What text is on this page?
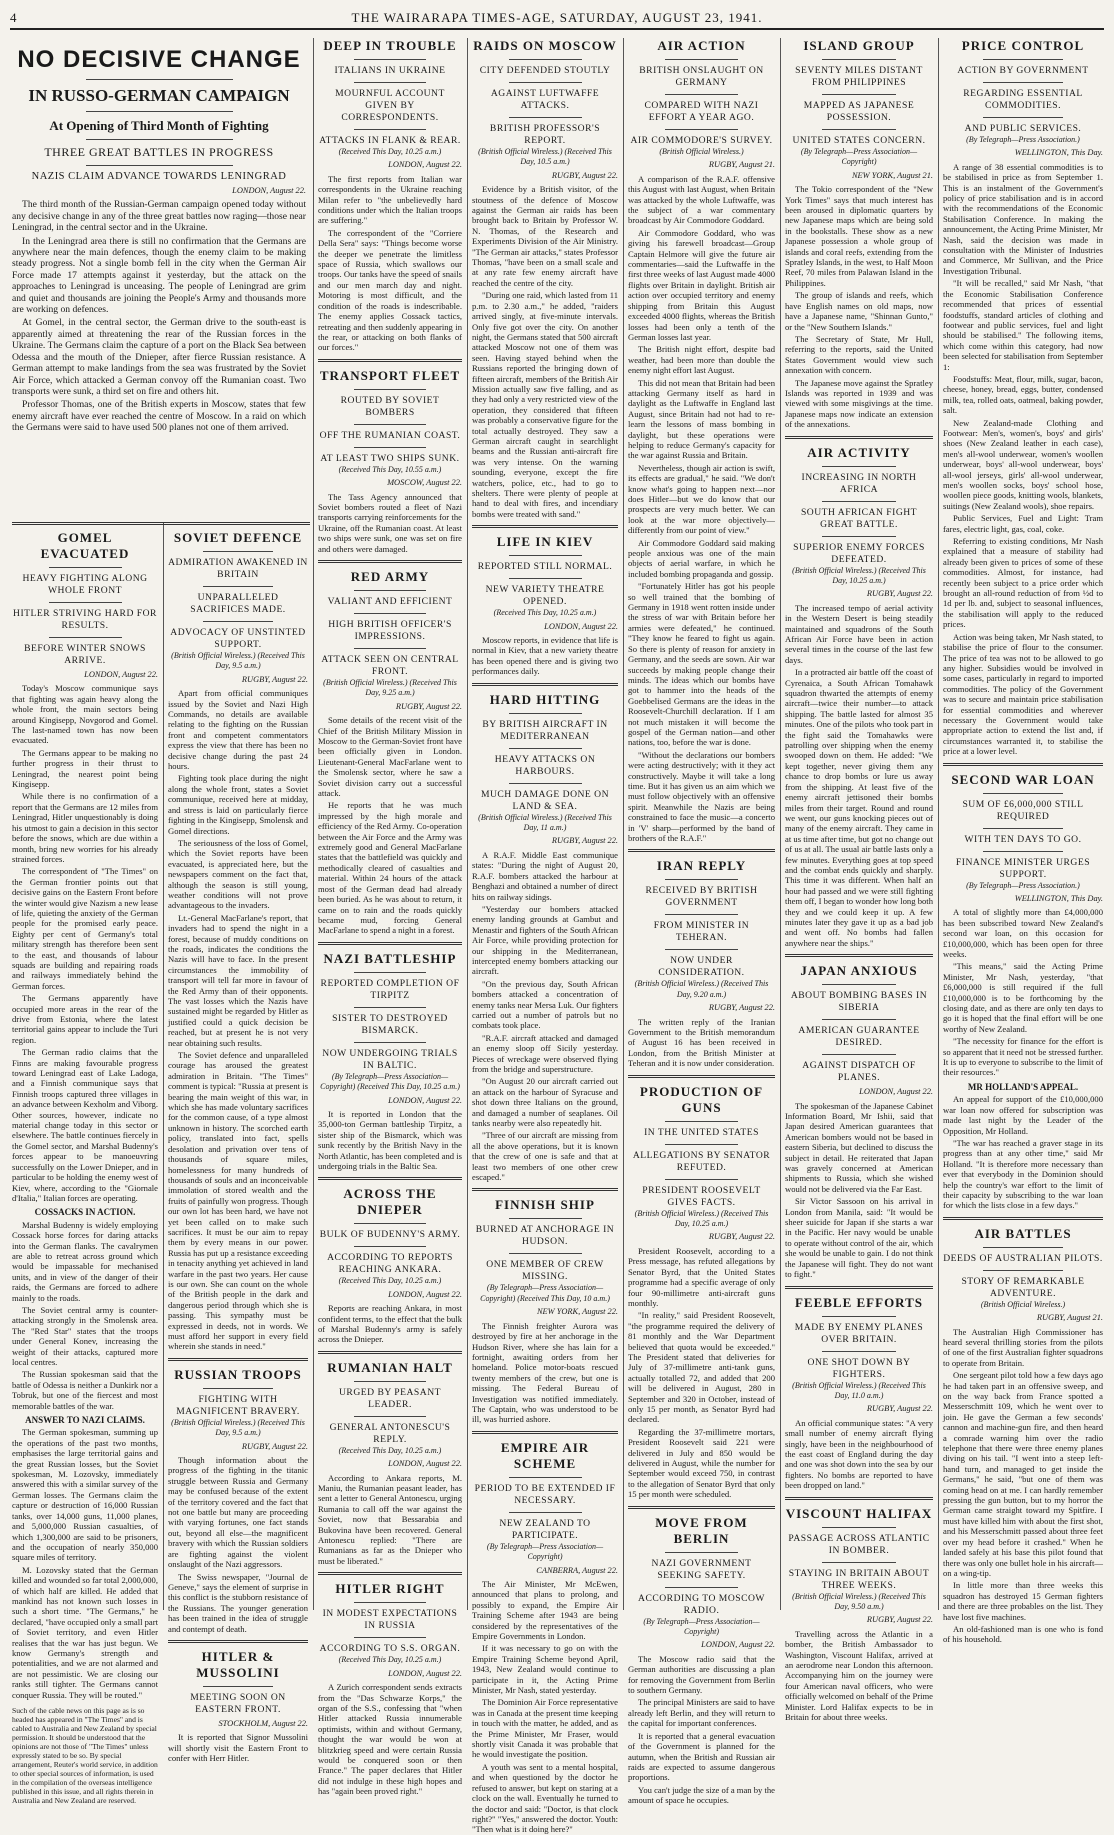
4	THE WAIRARAPA TIMES-AGE, SATURDAY, AUGUST 23, 1941.
NO DECISIVE CHANGE
IN RUSSO-GERMAN CAMPAIGN
At Opening of Third Month of Fighting
THREE GREAT BATTLES IN PROGRESS
NAZIS CLAIM ADVANCE TOWARDS LENINGRAD
LONDON, August 22.

The third month of the Russian-German campaign opened today without any decisive change in any of the three great battles now raging—those near Leningrad, in the central sector and in the Ukraine.

In the Leningrad area there is still no confirmation that the Germans are anywhere near the main defences, though the enemy claim to be making steady progress. Not a single bomb fell in the city when the German Air Force made 17 attempts against it yesterday, but the attack on the approaches to Leningrad is unceasing. The people of Leningrad are grim and quiet and thousands are joining the People's Army and thousands more are working on defences.

At Gomel, in the central sector, the German drive to the south-east is apparently aimed at threatening the rear of the Russian forces in the Ukraine. The Germans claim the capture of a port on the Black Sea between Odessa and the mouth of the Dnieper, after fierce Russian resistance. A German attempt to make landings from the sea was frustrated by the Soviet Air Force, which attacked a German convoy off the Rumanian coast. Two transports were sunk, a third set on fire and others hit.

Professor Thomas, one of the British experts in Moscow, states that few enemy aircraft have ever reached the centre of Moscow. In a raid on which the Germans were said to have used 500 planes not one of them arrived.

GOMEL EVACUATED
HEAVY FIGHTING ALONG WHOLE FRONT
HITLER STRIVING HARD FOR RESULTS.
BEFORE WINTER SNOWS ARRIVE.
LONDON, August 22.

Today's Moscow communique says that fighting was again heavy along the whole front, the main sectors being around Kingisepp, Novgorod and Gomel. The last-named town has now been evacuated.

The Germans appear to be making no further progress in their thrust to Leningrad, the nearest point being Kingisepp.

While there is no confirmation of a report that the Germans are 12 miles from Leningrad, Hitler unquestionably is doing his utmost to gain a decision in this sector before the snows, which are due within a month, bring new worries for his already strained forces.

The correspondent of "The Times" on the German frontier points out that decisive gains on the Eastern Front before the winter would give Nazism a new lease of life, quieting the anxiety of the German people for the promised early peace. Eighty per cent of Germany's total military strength has therefore been sent to the east, and thousands of labour squads are building and repairing roads and railways immediately behind the German forces.

The Germans apparently have occupied more areas in the rear of the drive from Estonia, where the latest territorial gains appear to include the Turi region.

The German radio claims that the Finns are making favourable progress toward Leningrad east of Lake Ladoga, and a Finnish communique says that Finnish troops captured three villages in an advance between Kexholm and Viborg. Other sources, however, indicate no material change today in this sector or elsewhere. The battle continues fiercely in the Gomel sector, and Marshal Budenny's forces appear to be manoeuvring successfully on the Lower Dnieper, and in particular to be holding the enemy west of Kiev, where, according to the "Giornale d'Italia," Italian forces are operating.

COSSACKS IN ACTION.

Marshal Budenny is widely employing Cossack horse forces for daring attacks into the German flanks. The cavalrymen are able to retreat across ground which would be impassable for mechanised units, and in view of the danger of their raids, the Germans are forced to adhere mainly to the roads.

The Soviet central army is counter-attacking strongly in the Smolensk area. The "Red Star" states that the troops under General Konev, increasing the weight of their attacks, captured more local centres.

The Russian spokesman said that the battle of Odessa is neither a Dunkirk nor a Tobruk, but one of the fiercest and most memorable battles of the war.

ANSWER TO NAZI CLAIMS.

The German spokesman, summing up the operations of the past two months, emphasises the large territorial gains and the great Russian losses, but the Soviet spokesman, M. Lozovsky, immediately answered this with a similar survey of the German losses. The Germans claim the capture or destruction of 16,000 Russian tanks, over 14,000 guns, 11,000 planes, and 5,000,000 Russian casualties, of which 1,300,000 are said to be prisoners, and the occupation of nearly 350,000 square miles of territory.

M. Lozovsky stated that the German killed and wounded so far total 2,000,000, of which half are killed. He added that mankind has not known such losses in such a short time. "The Germans," he declared, "have occupied only a small part of Soviet territory, and even Hitler realises that the war has just begun. We know Germany's strength and potentialities, and we are not alarmed and are not pessimistic. We are closing our ranks still tighter. The Germans cannot conquer Russia. They will be routed."

Such of the cable news on this page as is so headed has appeared in "The Times" and is cabled to Australia and New Zealand by special permission. It should be understood that the opinions are not those of "The Times" unless expressly stated to be so. By special arrangement, Reuter's world service, in addition to other special sources of information, is used in the compilation of the overseas intelligence published in this issue, and all rights therein in Australia and New Zealand are reserved.
SOVIET DEFENCE
ADMIRATION AWAKENED IN BRITAIN
UNPARALLELED SACRIFICES MADE.
ADVOCACY OF UNSTINTED SUPPORT.
(British Official Wireless.) (Received This Day, 9.5 a.m.)
RUGBY, August 22.

Apart from official communiques issued by the Soviet and Nazi High Commands, no details are available relating to the fighting on the Russian front and competent commentators express the view that there has been no decisive change during the past 24 hours.

Fighting took place during the night along the whole front, states a Soviet communique, received here at midday, and stress is laid on particularly fierce fighting in the Kingisepp, Smolensk and Gomel directions.

The seriousness of the loss of Gomel, which the Soviet reports have been evacuated, is appreciated here, but the newspapers comment on the fact that, although the season is still young, weather conditions will not prove advantageous to the invaders.

Lt.-General MacFarlane's report, that invaders had to spend the night in a forest, because of muddy conditions on the roads, indicates the conditions the Nazis will have to face. In the present circumstances the immobility of transport will tell far more in favour of the Red Army than of their opponents. The vast losses which the Nazis have sustained might be regarded by Hitler as justified could a quick decision be reached, but at present he is not very near obtaining such results.

The Soviet defence and unparalleled courage has aroused the greatest admiration in Britain. "The Times" comment is typical: "Russia at present is bearing the main weight of this war, in which she has made voluntary sacrifices for the common cause, of a type almost unknown in history. The scorched earth policy, translated into fact, spells desolation and privation over tens of thousands of square miles, homelessness for many hundreds of thousands of souls and an inconceivable immolation of stored wealth and the fruits of painfully won progress. Though our own lot has been hard, we have not yet been called on to make such sacrifices. It must be our aim to repay them by every means in our power. Russia has put up a resistance exceeding in tenacity anything yet achieved in land warfare in the past two years. Her cause is our own. She can count on the whole of the British people in the dark and dangerous period through which she is passing. This sympathy must be expressed in deeds, not in words. We must afford her support in every field wherein she stands in need."

RUSSIAN TROOPS
FIGHTING WITH MAGNIFICENT BRAVERY.
(British Official Wireless.) (Received This Day, 9.5 a.m.)
RUGBY, August 22.

Though information about the progress of the fighting in the titanic struggle between Russia and Germany may be confused because of the extent of the territory covered and the fact that not one battle but many are proceeding with varying fortunes, one fact stands out, beyond all else—the magnificent bravery with which the Russian soldiers are fighting against the violent onslaught of the Nazi aggressors.

The Swiss newspaper, "Journal de Geneve," says the element of surprise in this conflict is the stubborn resistance of the Russians. The younger generation has been trained in the idea of struggle and contempt of death.

HITLER & MUSSOLINI
MEETING SOON ON EASTERN FRONT.
STOCKHOLM, August 22.

It is reported that Signor Mussolini will shortly visit the Eastern Front to confer with Herr Hitler.

DEEP IN TROUBLE
ITALIANS IN UKRAINE
MOURNFUL ACCOUNT GIVEN BY CORRESPONDENTS.
ATTACKS IN FLANK & REAR.
(Received This Day, 10.25 a.m.)
LONDON, August 22.

The first reports from Italian war correspondents in the Ukraine reaching Milan refer to "the unbelievedly hard conditions under which the Italian troops are suffering."

The correspondent of the "Corriere Della Sera" says: "Things become worse the deeper we penetrate the limitless space of Russia, which swallows our troops. Our tanks have the speed of snails and our men march day and night. Motoring is most difficult, and the condition of the roads is indescribable. The enemy applies Cossack tactics, retreating and then suddenly appearing in the rear, or attacking on both flanks of our forces."

TRANSPORT FLEET
ROUTED BY SOVIET BOMBERS
OFF THE RUMANIAN COAST.
AT LEAST TWO SHIPS SUNK.
(Received This Day, 10.55 a.m.)
MOSCOW, August 22.

The Tass Agency announced that Soviet bombers routed a fleet of Nazi transports carrying reinforcements for the Ukraine, off the Rumanian coast. At least two ships were sunk, one was set on fire and others were damaged.

RED ARMY
VALIANT AND EFFICIENT
HIGH BRITISH OFFICER'S IMPRESSIONS.
ATTACK SEEN ON CENTRAL FRONT.
(British Official Wireless.) (Received This Day, 9.25 a.m.)
RUGBY, August 22.

Some details of the recent visit of the Chief of the British Military Mission in Moscow to the German-Soviet front have been officially given in London. Lieutenant-General MacFarlane went to the Smolensk sector, where he saw a Soviet division carry out a successful attack.

He reports that he was much impressed by the high morale and efficiency of the Red Army. Co-operation between the Air Force and the Army was extremely good and General MacFarlane states that the battlefield was quickly and methodically cleared of casualties and material. Within 24 hours of the attack most of the German dead had already been buried. As he was about to return, it came on to rain and the roads quickly became mud, forcing General MacFarlane to spend a night in a forest.

NAZI BATTLESHIP
REPORTED COMPLETION OF TIRPITZ
SISTER TO DESTROYED BISMARCK.
NOW UNDERGOING TRIALS IN BALTIC.
(By Telegraph—Press Association—Copyright) (Received This Day, 10.25 a.m.)
LONDON, August 22.

It is reported in London that the 35,000-ton German battleship Tirpitz, a sister ship of the Bismarck, which was sunk recently by the British Navy in the North Atlantic, has been completed and is undergoing trials in the Baltic Sea.

ACROSS THE DNIEPER
BULK OF BUDENNY'S ARMY.
ACCORDING TO REPORTS REACHING ANKARA.
(Received This Day, 10.25 a.m.)
LONDON, August 22.

Reports are reaching Ankara, in most confident terms, to the effect that the bulk of Marshal Budenny's army is safely across the Dnieper.

RUMANIAN HALT
URGED BY PEASANT LEADER.
GENERAL ANTONESCU'S REPLY.
(Received This Day, 10.25 a.m.)
LONDON, August 22.

According to Ankara reports, M. Maniu, the Rumanian peasant leader, has sent a letter to General Antonescu, urging Rumania to call off the war against the Soviet, now that Bessarabia and Bukovina have been recovered. General Antonescu replied: "There are Rumanians as far as the Dnieper who must be liberated."

HITLER RIGHT
IN MODEST EXPECTATIONS IN RUSSIA
ACCORDING TO S.S. ORGAN.
(Received This Day, 10.25 a.m.)
LONDON, August 22.

A Zurich correspondent sends extracts from the "Das Schwarze Korps," the organ of the S.S., confessing that "when Hitler attacked Russia innumerable optimists, within and without Germany, thought the war would be won at blitzkrieg speed and were certain Russia would be conquered soon or then France." The paper declares that Hitler did not indulge in these high hopes and has "again been proved right."

RAIDS ON MOSCOW
CITY DEFENDED STOUTLY
AGAINST LUFTWAFFE ATTACKS.
BRITISH PROFESSOR'S REPORT.
(British Official Wireless.) (Received This Day, 10.5 a.m.)
RUGBY, August 22.

Evidence by a British visitor, of the stoutness of the defence of Moscow against the German air raids has been brought back to Britain by Professor W. N. Thomas, of the Research and Experiments Division of the Air Ministry. "The German air attacks," states Professor Thomas, "have been on a small scale and at any rate few enemy aircraft have reached the centre of the city.

"During one raid, which lasted from 11 p.m. to 2.30 a.m.," he added, "raiders arrived singly, at five-minute intervals. Only five got over the city. On another night, the Germans stated that 500 aircraft attacked Moscow not one of them was seen. Having stayed behind when the Russians reported the bringing down of fifteen aircraft, members of the British Air Mission actually saw five falling, and as they had only a very restricted view of the operation, they considered that fifteen was probably a conservative figure for the total actually destroyed. They saw a German aircraft caught in searchlight beams and the Russian anti-aircraft fire was very intense. On the warning sounding, everyone, except the fire watchers, police, etc., had to go to shelters. There were plenty of people at hand to deal with fires, and incendiary bombs were treated with sand."

LIFE IN KIEV
REPORTED STILL NORMAL.
NEW VARIETY THEATRE OPENED.
(Received This Day, 10.25 a.m.)
LONDON, August 22.

Moscow reports, in evidence that life is normal in Kiev, that a new variety theatre has been opened there and is giving two performances daily.

HARD HITTING
BY BRITISH AIRCRAFT IN MEDITERRANEAN
HEAVY ATTACKS ON HARBOURS.
MUCH DAMAGE DONE ON LAND & SEA.
(British Official Wireless.) (Received This Day, 11 a.m.)
RUGBY, August 22.

A R.A.F. Middle East communique states: "During the night of August 20, R.A.F. bombers attacked the harbour at Benghazi and obtained a number of direct hits on railway sidings.

"Yesterday our bombers attacked enemy landing grounds at Gambut and Menastir and fighters of the South African Air Force, while providing protection for our shipping in the Mediterranean, intercepted enemy bombers attacking our aircraft.

"On the previous day, South African bombers attacked a concentration of enemy tanks near Mersa Luk. Our fighters carried out a number of patrols but no combats took place.

"R.A.F. aircraft attacked and damaged an enemy sloop off Sicily yesterday. Pieces of wreckage were observed flying from the bridge and superstructure.

"On August 20 our aircraft carried out an attack on the harbour of Syracuse and shot down three Italians on the ground, and damaged a number of seaplanes. Oil tanks nearby were also repeatedly hit.

"Three of our aircraft are missing from all the above operations, but it is known that the crew of one is safe and that at least two members of one other crew escaped."

FINNISH SHIP
BURNED AT ANCHORAGE IN HUDSON.
ONE MEMBER OF CREW MISSING.
(By Telegraph—Press Association—Copyright) (Received This Day, 10 a.m.)
NEW YORK, August 22.

The Finnish freighter Aurora was destroyed by fire at her anchorage in the Hudson River, where she has lain for a fortnight, awaiting orders from her homeland. Police motor-boats rescued twenty members of the crew, but one is missing. The Federal Bureau of Investigation was notified immediately. The Captain, who was understood to be ill, was hurried ashore.

EMPIRE AIR SCHEME
PERIOD TO BE EXTENDED IF NECESSARY.
NEW ZEALAND TO PARTICIPATE.
(By Telegraph—Press Association—Copyright)
CANBERRA, August 22.

The Air Minister, Mr McEwen, announced that plans to prolong, and possibly to expand, the Empire Air Training Scheme after 1943 are being considered by the representatives of the Empire Governments in London.

If it was necessary to go on with the Empire Training Scheme beyond April, 1943, New Zealand would continue to participate in it, the Acting Prime Minister, Mr Nash, stated yesterday.

The Dominion Air Force representative was in Canada at the present time keeping in touch with the matter, he added, and as the Prime Minister, Mr Fraser, would shortly visit Canada it was probable that he would investigate the position.

A youth was sent to a mental hospital, and when questioned by the doctor he refused to answer, but kept on staring at a clock on the wall. Eventually he turned to the doctor and said: "Doctor, is that clock right?" "Yes," answered the doctor. Youth: "Then what is it doing here?"

AIR ACTION
BRITISH ONSLAUGHT ON GERMANY
COMPARED WITH NAZI EFFORT A YEAR AGO.
AIR COMMODORE'S SURVEY.
(British Official Wireless.)
RUGBY, August 21.

A comparison of the R.A.F. offensive this August with last August, when Britain was attacked by the whole Luftwaffe, was the subject of a war commentary broadcast by Air Commodore Goddard.

Air Commodore Goddard, who was giving his farewell broadcast—Group Captain Helmore will give the future air commentaries—said the Luftwaffe in the first three weeks of last August made 4000 flights over Britain in daylight. British air action over occupied territory and enemy shipping from Britain this August exceeded 4000 flights, whereas the British losses had been only a tenth of the German losses last year.

The British night effort, despite bad weather, had been more than double the enemy night effort last August.

This did not mean that Britain had been attacking Germany itself as hard in daylight as the Luftwaffe in England last August, since Britain had not had to re-learn the lessons of mass bombing in daylight, but these operations were helping to reduce Germany's capacity for the war against Russia and Britain.

Nevertheless, though air action is swift, its effects are gradual," he said. "We don't know what's going to happen next—nor does Hitler—but we do know that our prospects are very much better. We can look at the war more objectively—differently from our point of view."

Air Commodore Goddard said making people anxious was one of the main objects of aerial warfare, in which he included bombing propaganda and gossip.

"Fortunately Hitler has got his people so well trained that the bombing of Germany in 1918 went rotten inside under the stress of war with Britain before her armies were defeated," he continued. "They know he feared to fight us again. So there is plenty of reason for anxiety in Germany, and the seeds are sown. Air war succeeds by making people change their minds. The ideas which our bombs have got to hammer into the heads of the Goebbelised Germans are the ideas in the Roosevelt-Churchill declaration. If I am not much mistaken it will become the gospel of the German nation—and other nations, too, before the war is done.

"Without the declarations our bombers were acting destructively; with it they act constructively. Maybe it will take a long time. But it has given us an aim which we must follow objectively with an offensive spirit. Meanwhile the Nazis are being constrained to face the music—a concerto in 'V' sharp—performed by the band of brothers of the R.A.F."

IRAN REPLY
RECEIVED BY BRITISH GOVERNMENT
FROM MINISTER IN TEHERAN.
NOW UNDER CONSIDERATION.
(British Official Wireless.) (Received This Day, 9.20 a.m.)
RUGBY, August 22.

The written reply of the Iranian Government to the British memorandum of August 16 has been received in London, from the British Minister at Teheran and it is now under consideration.

PRODUCTION OF GUNS
IN THE UNITED STATES
ALLEGATIONS BY SENATOR REFUTED.
PRESIDENT ROOSEVELT GIVES FACTS.
(British Official Wireless.) (Received This Day, 10.25 a.m.)
RUGBY, August 22.

President Roosevelt, according to a Press message, has refuted allegations by Senator Byrd, that the United States programme had a specific average of only four 90-millimetre anti-aircraft guns monthly.

"In reality," said President Roosevelt, "the programme required the delivery of 81 monthly and the War Department believed that quota would be exceeded." The President stated that deliveries for July of 37-millimetre anti-tank guns, actually totalled 72, and added that 200 will be delivered in August, 280 in September and 320 in October, instead of only 15 per month, as Senator Byrd had declared.

Regarding the 37-millimetre mortars, President Roosevelt said 221 were delivered in July and 850 would be delivered in August, while the number for September would exceed 750, in contrast to the allegation of Senator Byrd that only 15 per month were scheduled.

MOVE FROM BERLIN
NAZI GOVERNMENT SEEKING SAFETY.
ACCORDING TO MOSCOW RADIO.
(By Telegraph—Press Association—Copyright)
LONDON, August 22.

The Moscow radio said that the German authorities are discussing a plan for removing the Government from Berlin to southern Germany.

The principal Ministers are said to have already left Berlin, and they will return to the capital for important conferences.

It is reported that a general evacuation of the Government is planned for the autumn, when the British and Russian air raids are expected to assume dangerous proportions.

You can't judge the size of a man by the amount of space he occupies.

ISLAND GROUP
SEVENTY MILES DISTANT FROM PHILIPPINES
MAPPED AS JAPANESE POSSESSION.
UNITED STATES CONCERN.
(By Telegraph—Press Association—Copyright)
NEW YORK, August 21.

The Tokio correspondent of the "New York Times" says that much interest has been aroused in diplomatic quarters by new Japanese maps which are being sold in the bookstalls. These show as a new Japanese possession a whole group of islands and coral reefs, extending from the Spratley Islands, in the west, to Half Moon Reef, 70 miles from Palawan Island in the Philippines.

The group of islands and reefs, which have English names on old maps, now have a Japanese name, "Shinnan Gunto," or the "New Southern Islands."

The Secretary of State, Mr Hull, referring to the reports, said the United States Government would view such annexation with concern.

The Japanese move against the Spratley Islands was reported in 1939 and was viewed with some misgivings at the time. Japanese maps now indicate an extension of the annexations.

AIR ACTIVITY
INCREASING IN NORTH AFRICA
SOUTH AFRICAN FIGHT GREAT BATTLE.
SUPERIOR ENEMY FORCES DEFEATED.
(British Official Wireless.) (Received This Day, 10.25 a.m.)
RUGBY, August 22.

The increased tempo of aerial activity in the Western Desert is being steadily maintained and squadrons of the South African Air Force have been in action several times in the course of the last few days.

In a protracted air battle off the coast of Cyrenaica, a South African Tomahawk squadron thwarted the attempts of enemy aircraft—twice their number—to attack shipping. The battle lasted for almost 35 minutes. One of the pilots who took part in the fight said the Tomahawks were patrolling over shipping when the enemy swooped down on them. He added: "We kept together, never giving them any chance to drop bombs or lure us away from the shipping. At least five of the enemy aircraft jettisoned their bombs miles from their target. Round and round we went, our guns knocking pieces out of many of the enemy aircraft. They came in at us time after time, but got no change out of us at all. The usual air battle lasts only a few minutes. Everything goes at top speed and the combat ends quickly and sharply. This time it was different. When half an hour had passed and we were still fighting them off, I began to wonder how long both they and we could keep it up. A few minutes later they gave it up as a bad job and went off. No bombs had fallen anywhere near the ships."

JAPAN ANXIOUS
ABOUT BOMBING BASES IN SIBERIA
AMERICAN GUARANTEE DESIRED.
AGAINST DISPATCH OF PLANES.
LONDON, August 22.

The spokesman of the Japanese Cabinet Information Board, Mr Ishii, said that Japan desired American guarantees that American bombers would not be based in eastern Siberia, but declined to discuss the subject in detail. He reiterated that Japan was gravely concerned at American shipments to Russia, which she wished would not be delivered via the Far East.

Sir Victor Sassoon on his arrival in London from Manila, said: "It would be sheer suicide for Japan if she starts a war in the Pacific. Her navy would be unable to operate without control of the air, which she would be unable to gain. I do not think the Japanese will fight. They do not want to fight."

FEEBLE EFFORTS
MADE BY ENEMY PLANES OVER BRITAIN.
ONE SHOT DOWN BY FIGHTERS.
(British Official Wireless.) (Received This Day, 11.0 a.m.)
RUGBY, August 22.

An official communique states: "A very small number of enemy aircraft flying singly, have been in the neighbourhood of the east coast of England during the day and one was shot down into the sea by our fighters. No bombs are reported to have been dropped on land."

VISCOUNT HALIFAX
PASSAGE ACROSS ATLANTIC IN BOMBER.
STAYING IN BRITAIN ABOUT THREE WEEKS.
(British Official Wireless.) (Received This Day, 9.50 a.m.)
RUGBY, August 22.

Travelling across the Atlantic in a bomber, the British Ambassador to Washington, Viscount Halifax, arrived at an aerodrome near London this afternoon. Accompanying him on the journey were four American naval officers, who were officially welcomed on behalf of the Prime Minister. Lord Halifax expects to be in Britain for about three weeks.

PRICE CONTROL
ACTION BY GOVERNMENT
REGARDING ESSENTIAL COMMODITIES.
AND PUBLIC SERVICES.
(By Telegraph—Press Association.)
WELLINGTON, This Day.

A range of 38 essential commodities is to be stabilised in price as from September 1. This is an instalment of the Government's policy of price stabilisation and is in accord with the recommendations of the Economic Stabilisation Conference. In making the announcement, the Acting Prime Minister, Mr Nash, said the decision was made in consultation with the Minister of Industries and Commerce, Mr Sullivan, and the Price Investigation Tribunal.

"It will be recalled," said Mr Nash, "that the Economic Stabilisation Conference recommended that prices of essential foodstuffs, standard articles of clothing and footwear and public services, fuel and light should be stabilised." The following items, which come within this category, had now been selected for stabilisation from September 1:

Foodstuffs: Meat, flour, milk, sugar, bacon, cheese, honey, bread, eggs, butter, condensed milk, tea, rolled oats, oatmeal, baking powder, salt.

New Zealand-made Clothing and Footwear: Men's, women's, boys' and girls' shoes (New Zealand leather in each case), men's all-wool underwear, women's woollen underwear, boys' all-wool underwear, boys' all-wool jerseys, girls' all-wool underwear, men's woollen socks, boys' school hose, woollen piece goods, knitting wools, blankets, suitings (New Zealand wools), shoe repairs.

Public Services, Fuel and Light: Tram fares, electric light, gas, coal, coke.

Referring to existing conditions, Mr Nash explained that a measure of stability had already been given to prices of some of these commodities. Almost, for instance, had recently been subject to a price order which brought an all-round reduction of from ½d to 1d per lb. and, subject to seasonal influences, the stabilisation will apply to the reduced prices.

Action was being taken, Mr Nash stated, to stabilise the price of flour to the consumer. The price of tea was not to be allowed to go any higher. Subsidies would be involved in some cases, particularly in regard to imported commodities. The policy of the Government was to secure and maintain price stabilisation for essential commodities and wherever necessary the Government would take appropriate action to extend the list and, if circumstances warranted it, to stabilise the price at a lower level.

SECOND WAR LOAN
SUM OF £6,000,000 STILL REQUIRED
WITH TEN DAYS TO GO.
FINANCE MINISTER URGES SUPPORT.
(By Telegraph—Press Association.)
WELLINGTON, This Day.

A total of slightly more than £4,000,000 has been subscribed toward New Zealand's second war loan, on this occasion for £10,000,000, which has been open for three weeks.

"This means," said the Acting Prime Minister, Mr Nash, yesterday, "that £6,000,000 is still required if the full £10,000,000 is to be forthcoming by the closing date, and as there are only ten days to go it is hoped that the final effort will be one worthy of New Zealand.

"The necessity for finance for the effort is so apparent that it need not be stressed further. It is up to everyone to subscribe to the limit of their resources."

MR HOLLAND'S APPEAL.

An appeal for support of the £10,000,000 war loan now offered for subscription was made last night by the Leader of the Opposition, Mr Holland.

"The war has reached a graver stage in its progress than at any other time," said Mr Holland. "It is therefore more necessary than ever that everybody in the Dominion should help the country's war effort to the limit of their capacity by subscribing to the war loan for which the lists close in a few days."

AIR BATTLES
DEEDS OF AUSTRALIAN PILOTS.
STORY OF REMARKABLE ADVENTURE.
(British Official Wireless.)
RUGBY, August 21.

The Australian High Commissioner has heard several thrilling stories from the pilots of one of the first Australian fighter squadrons to operate from Britain.

One sergeant pilot told how a few days ago he had taken part in an offensive sweep, and on the way back from France spotted a Messerschmitt 109, which he went over to join. He gave the German a few seconds' cannon and machine-gun fire, and then heard a comrade warning him over the radio telephone that there were three enemy planes diving on his tail. "I went into a steep left-hand turn, and managed to get inside the Germans," he said, "but one of them was coming head on at me. I can hardly remember pressing the gun button, but to my horror the German came straight toward my Spitfire. I must have killed him with about the first shot, and his Messerschmitt passed about three feet over my head before it crashed." When he landed safely at his base this pilot found that there was only one bullet hole in his aircraft—on a wing-tip.

In little more than three weeks this squadron has destroyed 15 German fighters and there are three probables on the list. They have lost five machines.

An old-fashioned man is one who is fond of his household.
